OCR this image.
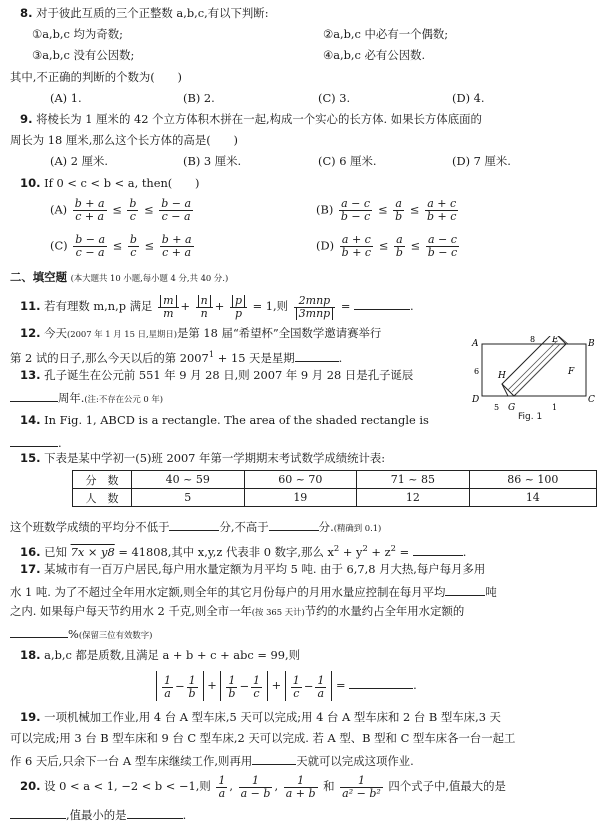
8. 对于彼此互质的三个正整数 a,b,c,有以下判断:
①a,b,c 均为奇数;	②a,b,c 中必有一个偶数;
③a,b,c 没有公因数;	④a,b,c 必有公因数.
其中,不正确的判断的个数为(　　)
(A) 1.	(B) 2.	(C) 3.	(D) 4.
9. 将棱长为 1 厘米的 42 个立方体积木拼在一起,构成一个实心的长方体. 如果长方体底面的
周长为 18 厘米,那么这个长方体的高是(　　)
(A) 2 厘米.	(B) 3 厘米.	(C) 6 厘米.	(D) 7 厘米.
10. If 0 < c < b < a, then(　　)
$(A) \frac{b + a}{c + a} \le \frac{b}{c} \le \frac{b - a}{c - a}$	$(B) \frac{a - c}{b - c} \le \frac{a}{b} \le \frac{a + c}{b + c}$
$(C) \frac{b - a}{c - a} \le \frac{b}{c} \le \frac{b + a}{c + a}$	$(D) \frac{a + c}{b + c} \le \frac{a}{b} \le \frac{a - c}{b - c}$
二、填空题 (本大题共 10 小题,每小题 4 分,共 40 分.)
11. 若有理数 m,n,p 满足 $\frac{m}{m} + \frac{n}{n} + \frac{p}{p} = 1$,则 $\frac{\text{2mnp}}{\text{3mnp}}$ =	.
12. 今天(2007 年 1 月 15 日,星期日)是第 18 届“希望杯”全国数学邀请赛举行
第 2 试的日子,那么今天以后的第 $2007^1 + 15$ 天是星期	.
13. 孔子诞生在公元前 551 年 9 月 28 日,则 2007 年 9 月 28 日是孔子诞辰
周年.(注:不存在公元 0 年)
14. In Fig. 1, ABCD is a rectangle. The area of the shaded rectangle is
.
A	B
C
D
E
F
G
H
8
6
5	1
Fig. 1
15. 下表是某中学初一(5)班 2007 年第一学期期末考试数学成绩统计表:
分　数	40 ~ 59	60 ~ 70	71 ~ 85	86 ~ 100
人　数	5	19	12	14
这个班数学成绩的平均分不低于	分,不高于	分.(精确到 0.1)
16. 已知 7x × y8 = 41808,其中 x,y,z 代表非 0 数字,那么 $x^2 + y^2 + z^2$ =	.
17. 某城市有一百万户居民,每户用水量定额为月平均 5 吨. 由于 6,7,8 月大热,每户每月多用
水 1 吨. 为了不超过全年用水定额,则全年的其它月份每户的月用水量应控制在每月平均	吨
之内. 如果每户每天节约用水 2 千克,则全市一年(按 365 天计)节约的水量约占全年用水定额的
%(保留三位有效数字)
18. a,b,c 都是质数,且满足 a + b + c + abc = 99,则
$\frac{1}{a} - \frac{1}{b} + \frac{1}{b} - \frac{1}{c} + \frac{1}{c} - \frac{1}{a}$ =	.
19. 一项机械加工作业,用 4 台 A 型车床,5 天可以完成;用 4 台 A 型车床和 2 台 B 型车床,3 天
可以完成;用 3 台 B 型车床和 9 台 C 型车床,2 天可以完成. 若 A 型、B 型和 C 型车床各一台一起工
作 6 天后,只余下一台 A 型车床继续工作,则再用	天就可以完成这项作业.
20. 设 0 < a < 1, −2 < b < −1,则 $\frac{1}{a}$ , $\frac{1}{a - b}$ , $\frac{1}{a + b}$ 和 $\frac{1}{\text{a² − b²}}$ 四个式子中,值最大的是
,值最小的是	.
